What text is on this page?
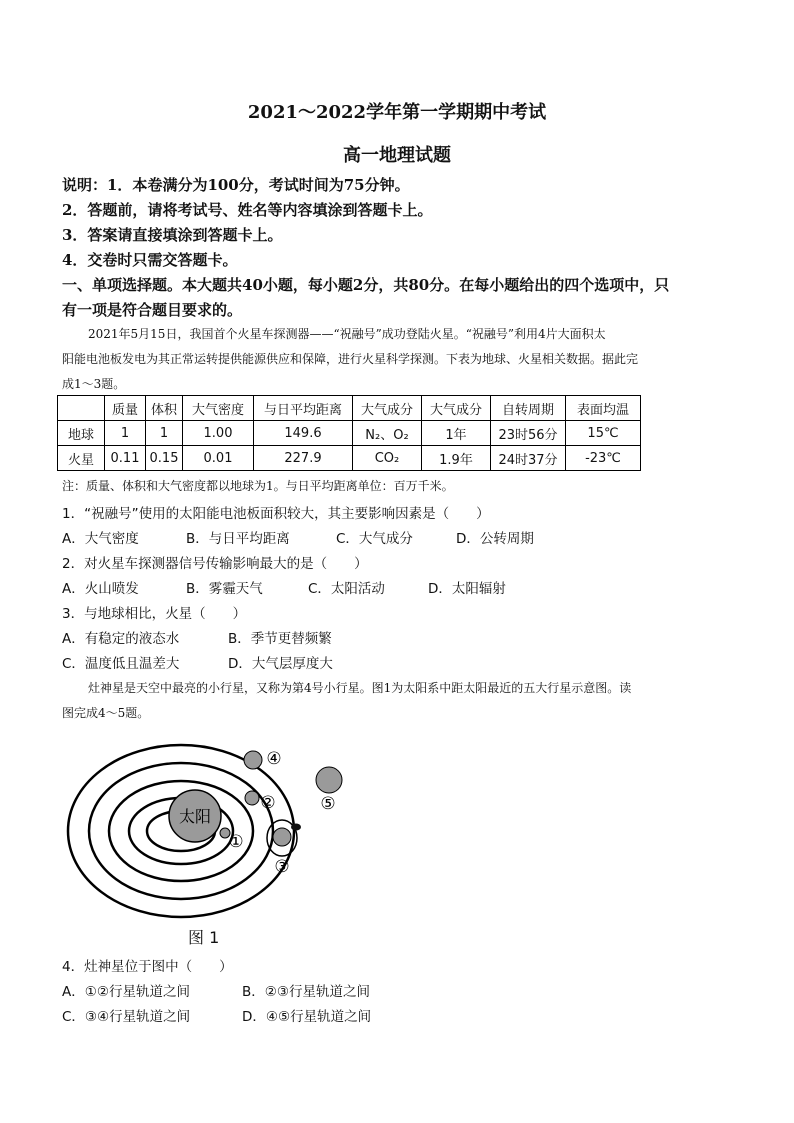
2021～2022学年第一学期期中考试
高一地理试题
说明：1．本卷满分为100分，考试时间为75分钟。
2．答题前，请将考试号、姓名等内容填涂到答题卡上。
3．答案请直接填涂到答题卡上。
4．交卷时只需交答题卡。
一、单项选择题。本大题共40小题，每小题2分，共80分。在每小题给出的四个选项中，只
有一项是符合题目要求的。
2021年5月15日，我国首个火星车探测器——“祝融号”成功登陆火星。“祝融号”利用4片大面积太
阳能电池板发电为其正常运转提供能源供应和保障，进行火星科学探测。下表为地球、火星相关数据。据此完
成1～3题。
	质量	体积	大气密度	与日平均距离	大气成分	大气成分	自转周期	表面均温
地球	1	1	1.00	149.6	N₂、O₂	1年	23时56分	15℃
火星	0.11	0.15	0.01	227.9	CO₂	1.9年	24时37分	-23℃
注：质量、体积和大气密度都以地球为1。与日平均距离单位：百万千米。
1．“祝融号”使用的太阳能电池板面积较大，其主要影响因素是（　　）
A．大气密度	B．与日平均距离	C．大气成分	D．公转周期
2．对火星车探测器信号传输影响最大的是（　　）
A．火山喷发	B．雾霾天气	C．太阳活动	D．太阳辐射
3．与地球相比，火星（　　）
A．有稳定的液态水	B．季节更替频繁
C．温度低且温差大	D．大气层厚度大
灶神星是天空中最亮的小行星，又称为第4号小行星。图1为太阳系中距太阳最近的五大行星示意图。读
图完成4～5题。
太阳
①
②
③
④
⑤
图 1
4．灶神星位于图中（　　）
A．①②行星轨道之间	B．②③行星轨道之间
C．③④行星轨道之间	D．④⑤行星轨道之间
